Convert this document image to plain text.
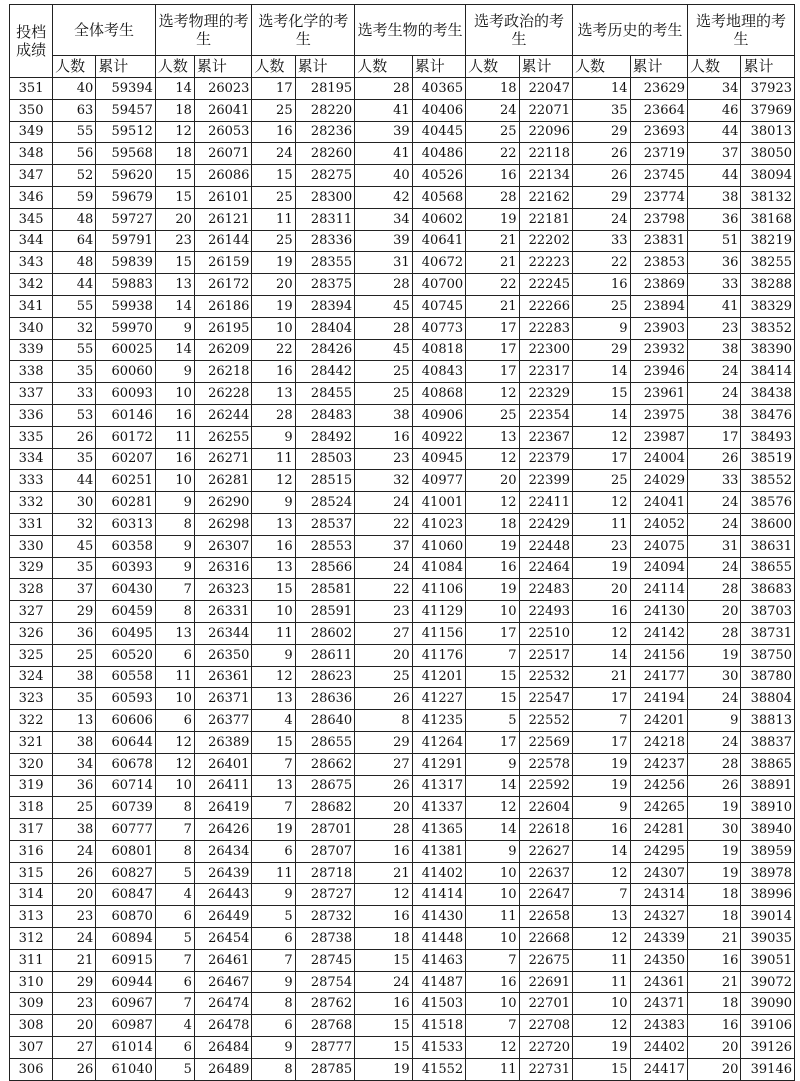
投档
成绩	全体考生		选考物理的考生		选考化学的考生		选考生物的考生		选考政治的考生		选考历史的考生		选考地理的考生	
	人数	累计	人数	累计	人数	累计	人数	累计	人数	累计	人数	累计	人数	累计
351	40	59394	14	26023	17	28195	28	40365	18	22047	14	23629	34	37923
350	63	59457	18	26041	25	28220	41	40406	24	22071	35	23664	46	37969
349	55	59512	12	26053	16	28236	39	40445	25	22096	29	23693	44	38013
348	56	59568	18	26071	24	28260	41	40486	22	22118	26	23719	37	38050
347	52	59620	15	26086	15	28275	40	40526	16	22134	26	23745	44	38094
346	59	59679	15	26101	25	28300	42	40568	28	22162	29	23774	38	38132
345	48	59727	20	26121	11	28311	34	40602	19	22181	24	23798	36	38168
344	64	59791	23	26144	25	28336	39	40641	21	22202	33	23831	51	38219
343	48	59839	15	26159	19	28355	31	40672	21	22223	22	23853	36	38255
342	44	59883	13	26172	20	28375	28	40700	22	22245	16	23869	33	38288
341	55	59938	14	26186	19	28394	45	40745	21	22266	25	23894	41	38329
340	32	59970	9	26195	10	28404	28	40773	17	22283	9	23903	23	38352
339	55	60025	14	26209	22	28426	45	40818	17	22300	29	23932	38	38390
338	35	60060	9	26218	16	28442	25	40843	17	22317	14	23946	24	38414
337	33	60093	10	26228	13	28455	25	40868	12	22329	15	23961	24	38438
336	53	60146	16	26244	28	28483	38	40906	25	22354	14	23975	38	38476
335	26	60172	11	26255	9	28492	16	40922	13	22367	12	23987	17	38493
334	35	60207	16	26271	11	28503	23	40945	12	22379	17	24004	26	38519
333	44	60251	10	26281	12	28515	32	40977	20	22399	25	24029	33	38552
332	30	60281	9	26290	9	28524	24	41001	12	22411	12	24041	24	38576
331	32	60313	8	26298	13	28537	22	41023	18	22429	11	24052	24	38600
330	45	60358	9	26307	16	28553	37	41060	19	22448	23	24075	31	38631
329	35	60393	9	26316	13	28566	24	41084	16	22464	19	24094	24	38655
328	37	60430	7	26323	15	28581	22	41106	19	22483	20	24114	28	38683
327	29	60459	8	26331	10	28591	23	41129	10	22493	16	24130	20	38703
326	36	60495	13	26344	11	28602	27	41156	17	22510	12	24142	28	38731
325	25	60520	6	26350	9	28611	20	41176	7	22517	14	24156	19	38750
324	38	60558	11	26361	12	28623	25	41201	15	22532	21	24177	30	38780
323	35	60593	10	26371	13	28636	26	41227	15	22547	17	24194	24	38804
322	13	60606	6	26377	4	28640	8	41235	5	22552	7	24201	9	38813
321	38	60644	12	26389	15	28655	29	41264	17	22569	17	24218	24	38837
320	34	60678	12	26401	7	28662	27	41291	9	22578	19	24237	28	38865
319	36	60714	10	26411	13	28675	26	41317	14	22592	19	24256	26	38891
318	25	60739	8	26419	7	28682	20	41337	12	22604	9	24265	19	38910
317	38	60777	7	26426	19	28701	28	41365	14	22618	16	24281	30	38940
316	24	60801	8	26434	6	28707	16	41381	9	22627	14	24295	19	38959
315	26	60827	5	26439	11	28718	21	41402	10	22637	12	24307	19	38978
314	20	60847	4	26443	9	28727	12	41414	10	22647	7	24314	18	38996
313	23	60870	6	26449	5	28732	16	41430	11	22658	13	24327	18	39014
312	24	60894	5	26454	6	28738	18	41448	10	22668	12	24339	21	39035
311	21	60915	7	26461	7	28745	15	41463	7	22675	11	24350	16	39051
310	29	60944	6	26467	9	28754	24	41487	16	22691	11	24361	21	39072
309	23	60967	7	26474	8	28762	16	41503	10	22701	10	24371	18	39090
308	20	60987	4	26478	6	28768	15	41518	7	22708	12	24383	16	39106
307	27	61014	6	26484	9	28777	15	41533	12	22720	19	24402	20	39126
306	26	61040	5	26489	8	28785	19	41552	11	22731	15	24417	20	39146
